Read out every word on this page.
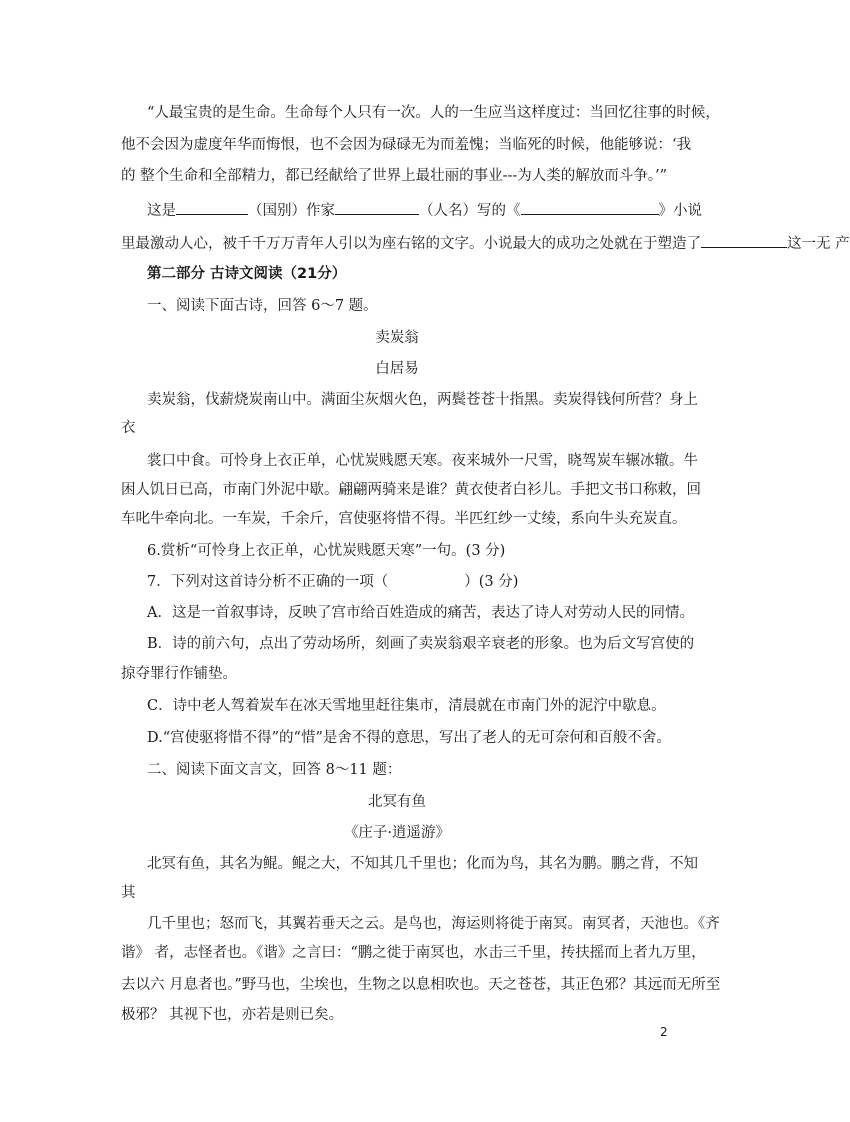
“人最宝贵的是生命。生命每个人只有一次。人的一生应当这样度过：当回忆往事的时候，
他不会因为虚度年华而悔恨，也不会因为碌碌无为而羞愧；当临死的时候，他能够说：‘我
的 整个生命和全部精力，都已经献给了世界上最壮丽的事业---为人类的解放而斗争。’”
这是	（国别）作家	（人名）写的《	》小说
里最激动人心，被千千万万青年人引以为座右铭的文字。小说最大的成功之处就在于塑造了	这一无 产
第二部分 古诗文阅读（21分）
一、阅读下面古诗，回答 6～7 题。
卖炭翁
白居易
卖炭翁，伐薪烧炭南山中。满面尘灰烟火色，两鬓苍苍十指黑。卖炭得钱何所营？身上
衣
裳口中食。可怜身上衣正单，心忧炭贱愿天寒。夜来城外一尺雪，晓驾炭车辗冰辙。牛
困人饥日已高，市南门外泥中歇。翩翩两骑来是谁？黄衣使者白衫儿。手把文书口称敕，回
车叱牛牵向北。一车炭，千余斤，宫使驱将惜不得。半匹红纱一丈绫，系向牛头充炭直。
6.赏析“可怜身上衣正单，心忧炭贱愿天寒”一句。(3 分)
7．下列对这首诗分析不正确的一项（	）(3 分)
A．这是一首叙事诗，反映了宫市给百姓造成的痛苦，表达了诗人对劳动人民的同情。
B．诗的前六句，点出了劳动场所，刻画了卖炭翁艰辛衰老的形象。也为后文写宫使的
掠夺罪行作铺垫。
C．诗中老人驾着炭车在冰天雪地里赶往集市，清晨就在市南门外的泥泞中歇息。
D.“宫使驱将惜不得”的“惜”是舍不得的意思，写出了老人的无可奈何和百般不舍。
二、阅读下面文言文，回答 8～11 题：
北冥有鱼
《庄子·逍遥游》
北冥有鱼，其名为鲲。鲲之大，不知其几千里也；化而为鸟，其名为鹏。鹏之背，不知
其
几千里也；怒而飞，其翼若垂天之云。是鸟也，海运则将徙于南冥。南冥者，天池也。《齐
谐》 者，志怪者也。《谐》之言曰：“鹏之徙于南冥也，水击三千里，抟扶摇而上者九万里，
去以六 月息者也。”野马也，尘埃也，生物之以息相吹也。天之苍苍，其正色邪？其远而无所至
极邪？ 其视下也，亦若是则已矣。
2
